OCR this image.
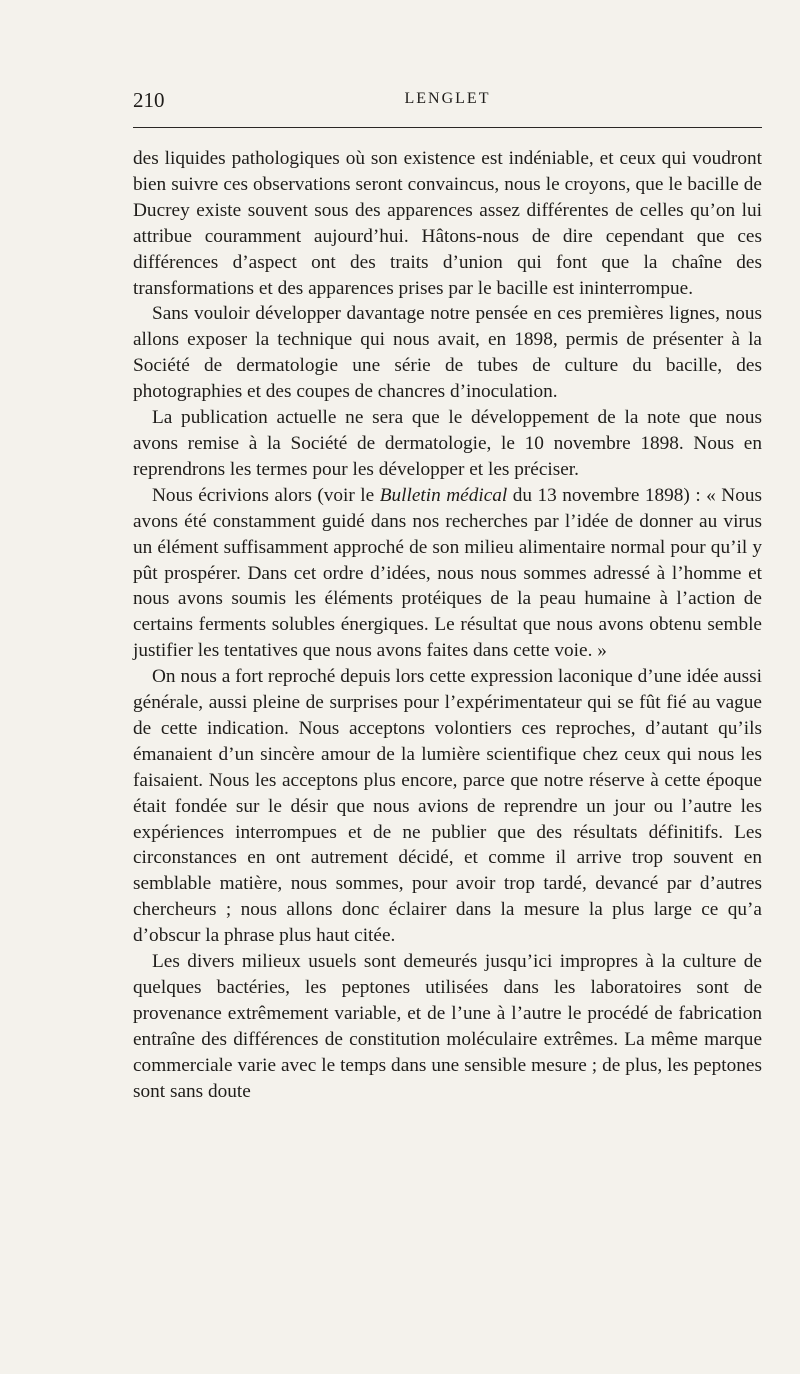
210	LENGLET

des liquides pathologiques où son existence est indéniable, et ceux qui voudront bien suivre ces observations seront convaincus, nous le croyons, que le bacille de Ducrey existe souvent sous des apparences assez différentes de celles qu’on lui attribue couramment aujourd’hui. Hâtons-nous de dire cependant que ces différences d’aspect ont des traits d’union qui font que la chaîne des transformations et des apparences prises par le bacille est ininterrompue.

Sans vouloir développer davantage notre pensée en ces premières lignes, nous allons exposer la technique qui nous avait, en 1898, permis de présenter à la Société de dermatologie une série de tubes de culture du bacille, des photographies et des coupes de chancres d’inoculation.

La publication actuelle ne sera que le développement de la note que nous avons remise à la Société de dermatologie, le 10 novembre 1898. Nous en reprendrons les termes pour les développer et les préciser.

Nous écrivions alors (voir le Bulletin médical du 13 novembre 1898) : « Nous avons été constamment guidé dans nos recherches par l’idée de donner au virus un élément suffisamment approché de son milieu alimentaire normal pour qu’il y pût prospérer. Dans cet ordre d’idées, nous nous sommes adressé à l’homme et nous avons soumis les éléments protéiques de la peau humaine à l’action de certains ferments solubles énergiques. Le résultat que nous avons obtenu semble justifier les tentatives que nous avons faites dans cette voie. »

On nous a fort reproché depuis lors cette expression laconique d’une idée aussi générale, aussi pleine de surprises pour l’expérimentateur qui se fût fié au vague de cette indication. Nous acceptons volontiers ces reproches, d’autant qu’ils émanaient d’un sincère amour de la lumière scientifique chez ceux qui nous les faisaient. Nous les acceptons plus encore, parce que notre réserve à cette époque était fondée sur le désir que nous avions de reprendre un jour ou l’autre les expériences interrompues et de ne publier que des résultats définitifs. Les circonstances en ont autrement décidé, et comme il arrive trop souvent en semblable matière, nous sommes, pour avoir trop tardé, devancé par d’autres chercheurs ; nous allons donc éclairer dans la mesure la plus large ce qu’a d’obscur la phrase plus haut citée.

Les divers milieux usuels sont demeurés jusqu’ici impropres à la culture de quelques bactéries, les peptones utilisées dans les laboratoires sont de provenance extrêmement variable, et de l’une à l’autre le procédé de fabrication entraîne des différences de constitution moléculaire extrêmes. La même marque commerciale varie avec le temps dans une sensible mesure ; de plus, les peptones sont sans doute
